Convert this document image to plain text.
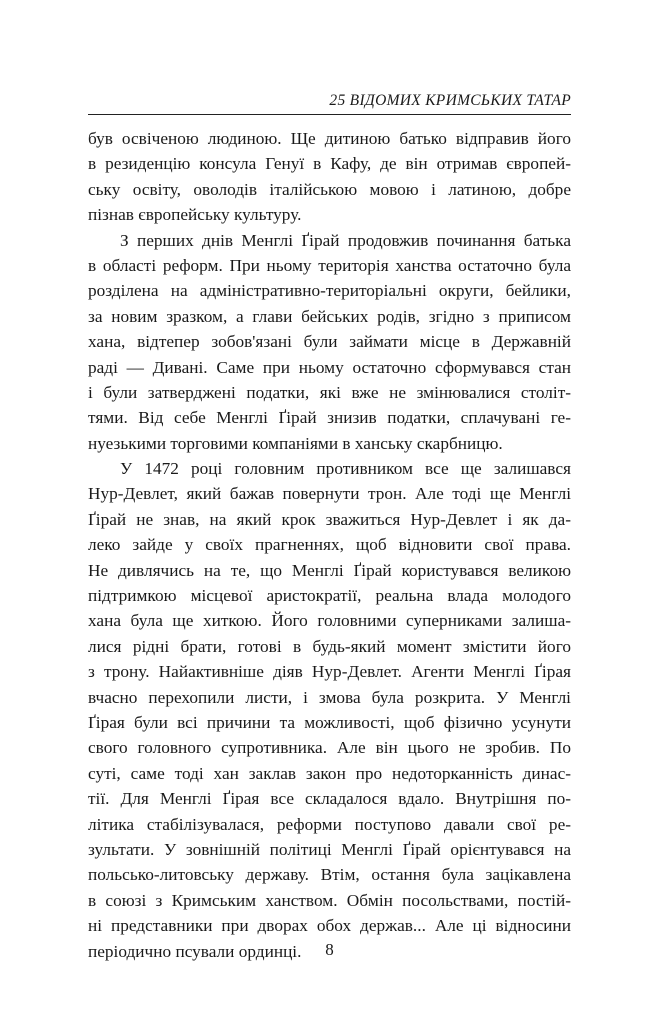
25 ВІДОМИХ КРИМСЬКИХ ТАТАР
був освіченою людиною. Ще дитиною батько відправив його
в резиденцію консула Генуї в Кафу, де він отримав європей-
ську освіту, оволодів італійською мовою і латиною, добре
пізнав європейську культуру.
З перших днів Менглі Ґірай продовжив починання батька
в області реформ. При ньому територія ханства остаточно була
розділена на адміністративно-територіальні округи, бейлики,
за новим зразком, а глави бейських родів, згідно з приписом
хана, відтепер зобов'язані були займати місце в Державній
раді — Дивані. Саме при ньому остаточно сформувався стан
і були затверджені податки, які вже не змінювалися століт-
тями. Від себе Менглі Ґірай знизив податки, сплачувані ге-
нуезькими торговими компаніями в ханську скарбницю.
У 1472 році головним противником все ще залишався
Нур-Девлет, який бажав повернути трон. Але тоді ще Менглі
Ґірай не знав, на який крок зважиться Нур-Девлет і як да-
леко зайде у своїх прагненнях, щоб відновити свої права.
Не дивлячись на те, що Менглі Ґірай користувався великою
підтримкою місцевої аристократії, реальна влада молодого
хана була ще хиткою. Його головними суперниками залиша-
лися рідні брати, готові в будь-який момент змістити його
з трону. Найактивніше діяв Нур-Девлет. Агенти Менглі Ґірая
вчасно перехопили листи, і змова була розкрита. У Менглі
Ґірая були всі причини та можливості, щоб фізично усунути
свого головного супротивника. Але він цього не зробив. По
суті, саме тоді хан заклав закон про недоторканність динас-
тії. Для Менглі Ґірая все складалося вдало. Внутрішня по-
літика стабілізувалася, реформи поступово давали свої ре-
зультати. У зовнішній політиці Менглі Ґірай орієнтувався на
польсько-литовську державу. Втім, остання була зацікавлена
в союзі з Кримським ханством. Обмін посольствами, постій-
ні представники при дворах обох держав... Але ці відносини
періодично псували ординці.	8
